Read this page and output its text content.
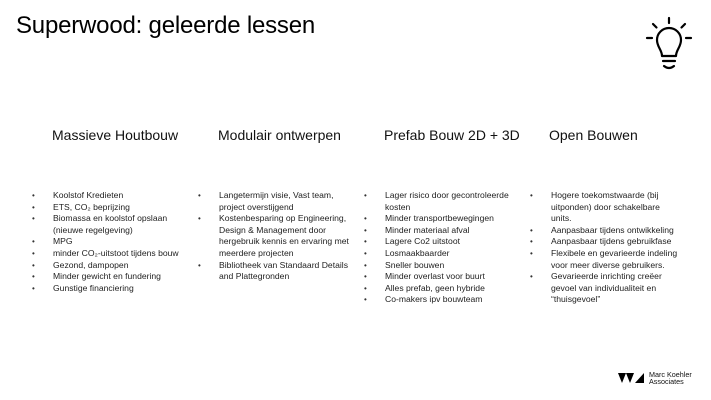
Superwood: geleerde lessen
Massieve Houtbouw	Modulair ontwerpen	Prefab Bouw 2D + 3D Open Bouwen
• Koolstof Kredieten
• ETS, CO₂ beprijzing
• Biomassa en koolstof opslaan (nieuwe regelgeving)
• MPG
• minder CO₂-uitstoot tijdens bouw
• Gezond, dampopen
• Minder gewicht en fundering
• Gunstige financiering
• Langetermijn visie, Vast team, project overstijgend
• Kostenbesparing op Engineering, Design & Management door hergebruik kennis en ervaring met meerdere projecten
• Bibliotheek van Standaard Details and Plattegronden
• Lager risico door gecontroleerde kosten
• Minder transportbewegingen
• Minder materiaal afval
• Lagere Co2 uitstoot
• Losmaakbaarder
• Sneller bouwen
• Minder overlast voor buurt
• Alles prefab, geen hybride
• Co-makers ipv bouwteam
• Hogere toekomstwaarde (bij uitponden) door schakelbare units.
• Aanpasbaar tijdens ontwikkeling
• Aanpasbaar tijdens gebruikfase
• Flexibele en gevarieerde indeling voor meer diverse gebruikers.
• Gevarieerde inrichting creëer gevoel van individualiteit en “thuisgevoel”
Marc Koehler
Associates
